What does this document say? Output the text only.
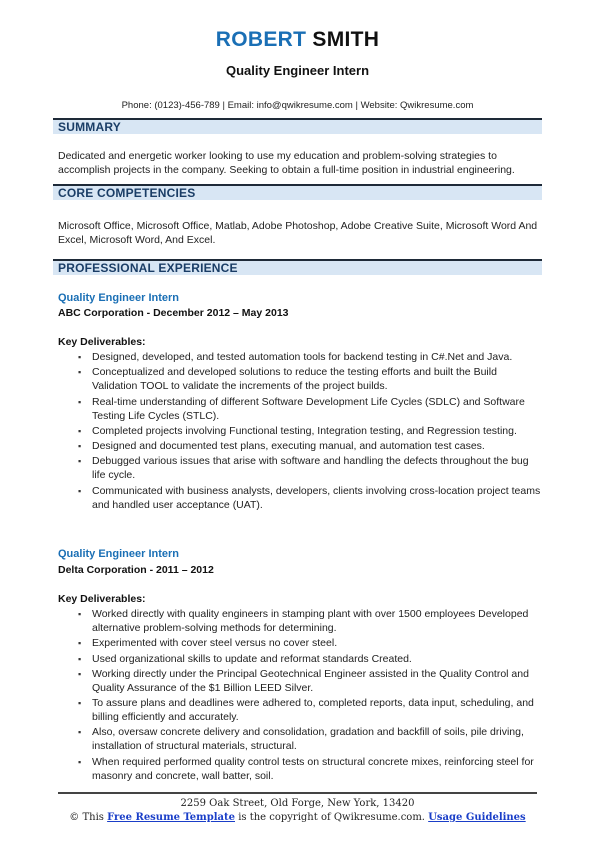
ROBERT SMITH
Quality Engineer Intern
Phone: (0123)-456-789 | Email: info@qwikresume.com | Website: Qwikresume.com
SUMMARY
Dedicated and energetic worker looking to use my education and problem-solving strategies to accomplish projects in the company. Seeking to obtain a full-time position in industrial engineering.
CORE COMPETENCIES
Microsoft Office, Microsoft Office, Matlab, Adobe Photoshop, Adobe Creative Suite, Microsoft Word And Excel, Microsoft Word, And Excel.
PROFESSIONAL EXPERIENCE
Quality Engineer Intern
ABC Corporation - December 2012 – May 2013
Key Deliverables:
▪ Designed, developed, and tested automation tools for backend testing in C#.Net and Java.
▪ Conceptualized and developed solutions to reduce the testing efforts and built the Build Validation TOOL to validate the increments of the project builds.
▪ Real-time understanding of different Software Development Life Cycles (SDLC) and Software Testing Life Cycles (STLC).
▪ Completed projects involving Functional testing, Integration testing, and Regression testing.
▪ Designed and documented test plans, executing manual, and automation test cases.
▪ Debugged various issues that arise with software and handling the defects throughout the bug life cycle.
▪ Communicated with business analysts, developers, clients involving cross-location project teams and handled user acceptance (UAT).
Quality Engineer Intern
Delta Corporation - 2011 – 2012
Key Deliverables:
▪ Worked directly with quality engineers in stamping plant with over 1500 employees Developed alternative problem-solving methods for determining.
▪ Experimented with cover steel versus no cover steel.
▪ Used organizational skills to update and reformat standards Created.
▪ Working directly under the Principal Geotechnical Engineer assisted in the Quality Control and Quality Assurance of the $1 Billion LEED Silver.
▪ To assure plans and deadlines were adhered to, completed reports, data input, scheduling, and billing efficiently and accurately.
▪ Also, oversaw concrete delivery and consolidation, gradation and backfill of soils, pile driving, installation of structural materials, structural.
▪ When required performed quality control tests on structural concrete mixes, reinforcing steel for masonry and concrete, wall batter, soil.
2259 Oak Street, Old Forge, New York, 13420
© This Free Resume Template is the copyright of Qwikresume.com. Usage Guidelines
